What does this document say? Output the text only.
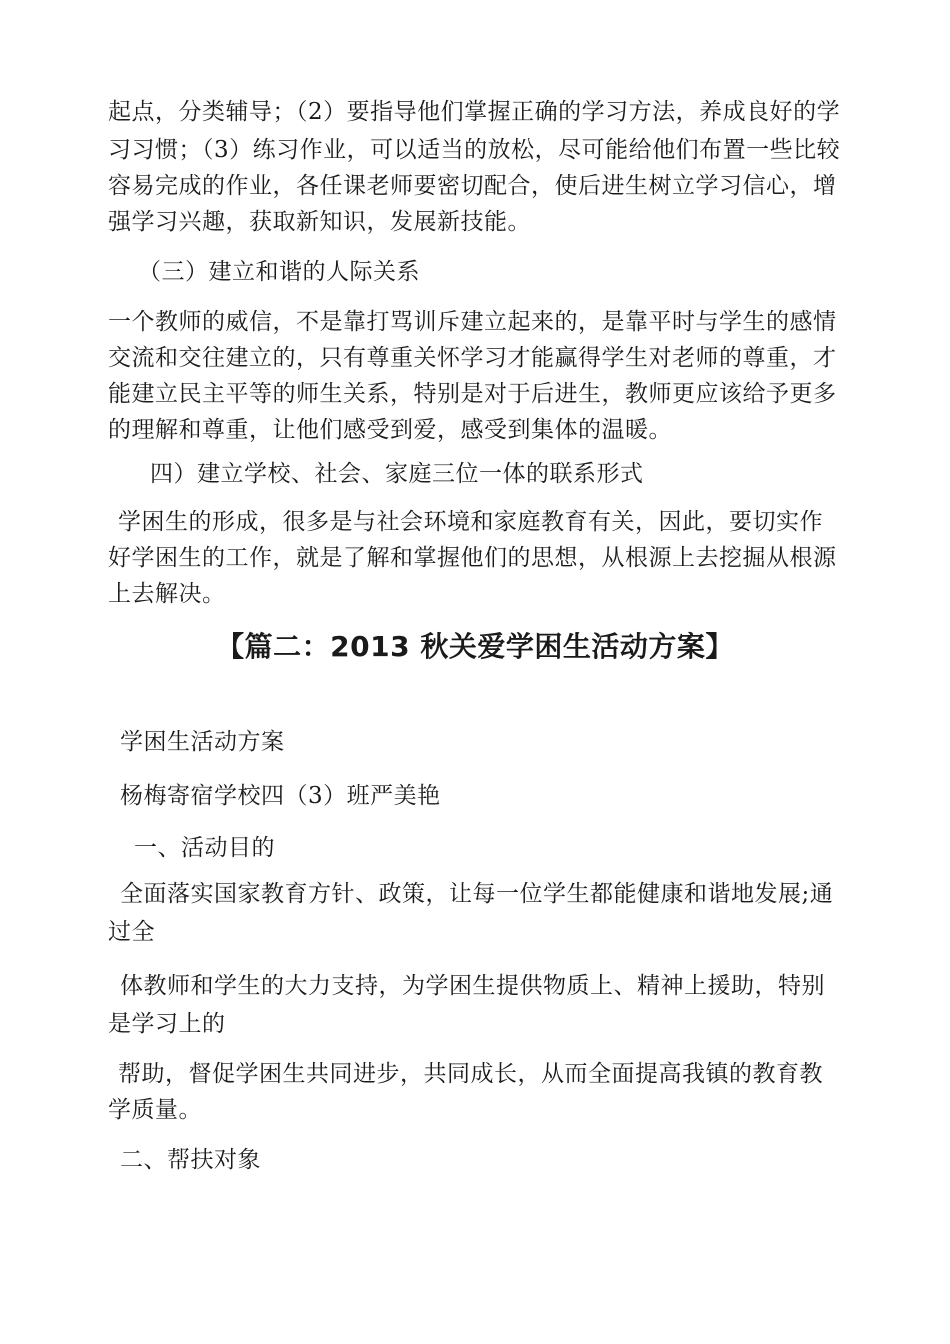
起点，分类辅导；（2）要指导他们掌握正确的学习方法，养成良好的学
习习惯；（3）练习作业，可以适当的放松，尽可能给他们布置一些比较
容易完成的作业，各任课老师要密切配合，使后进生树立学习信心，增
强学习兴趣，获取新知识，发展新技能。
（三）建立和谐的人际关系
一个教师的威信，不是靠打骂训斥建立起来的，是靠平时与学生的感情
交流和交往建立的，只有尊重关怀学习才能赢得学生对老师的尊重，才
能建立民主平等的师生关系，特别是对于后进生，教师更应该给予更多
的理解和尊重，让他们感受到爱，感受到集体的温暖。
四）建立学校、社会、家庭三位一体的联系形式
学困生的形成，很多是与社会环境和家庭教育有关，因此，要切实作
好学困生的工作，就是了解和掌握他们的思想，从根源上去挖掘从根源
上去解决。
【篇二：2013 秋关爱学困生活动方案】
学困生活动方案
杨梅寄宿学校四（3）班严美艳
一、活动目的
全面落实国家教育方针、政策，让每一位学生都能健康和谐地发展;通
过全
体教师和学生的大力支持，为学困生提供物质上、精神上援助，特别
是学习上的
帮助，督促学困生共同进步，共同成长，从而全面提高我镇的教育教
学质量。
二、帮扶对象
